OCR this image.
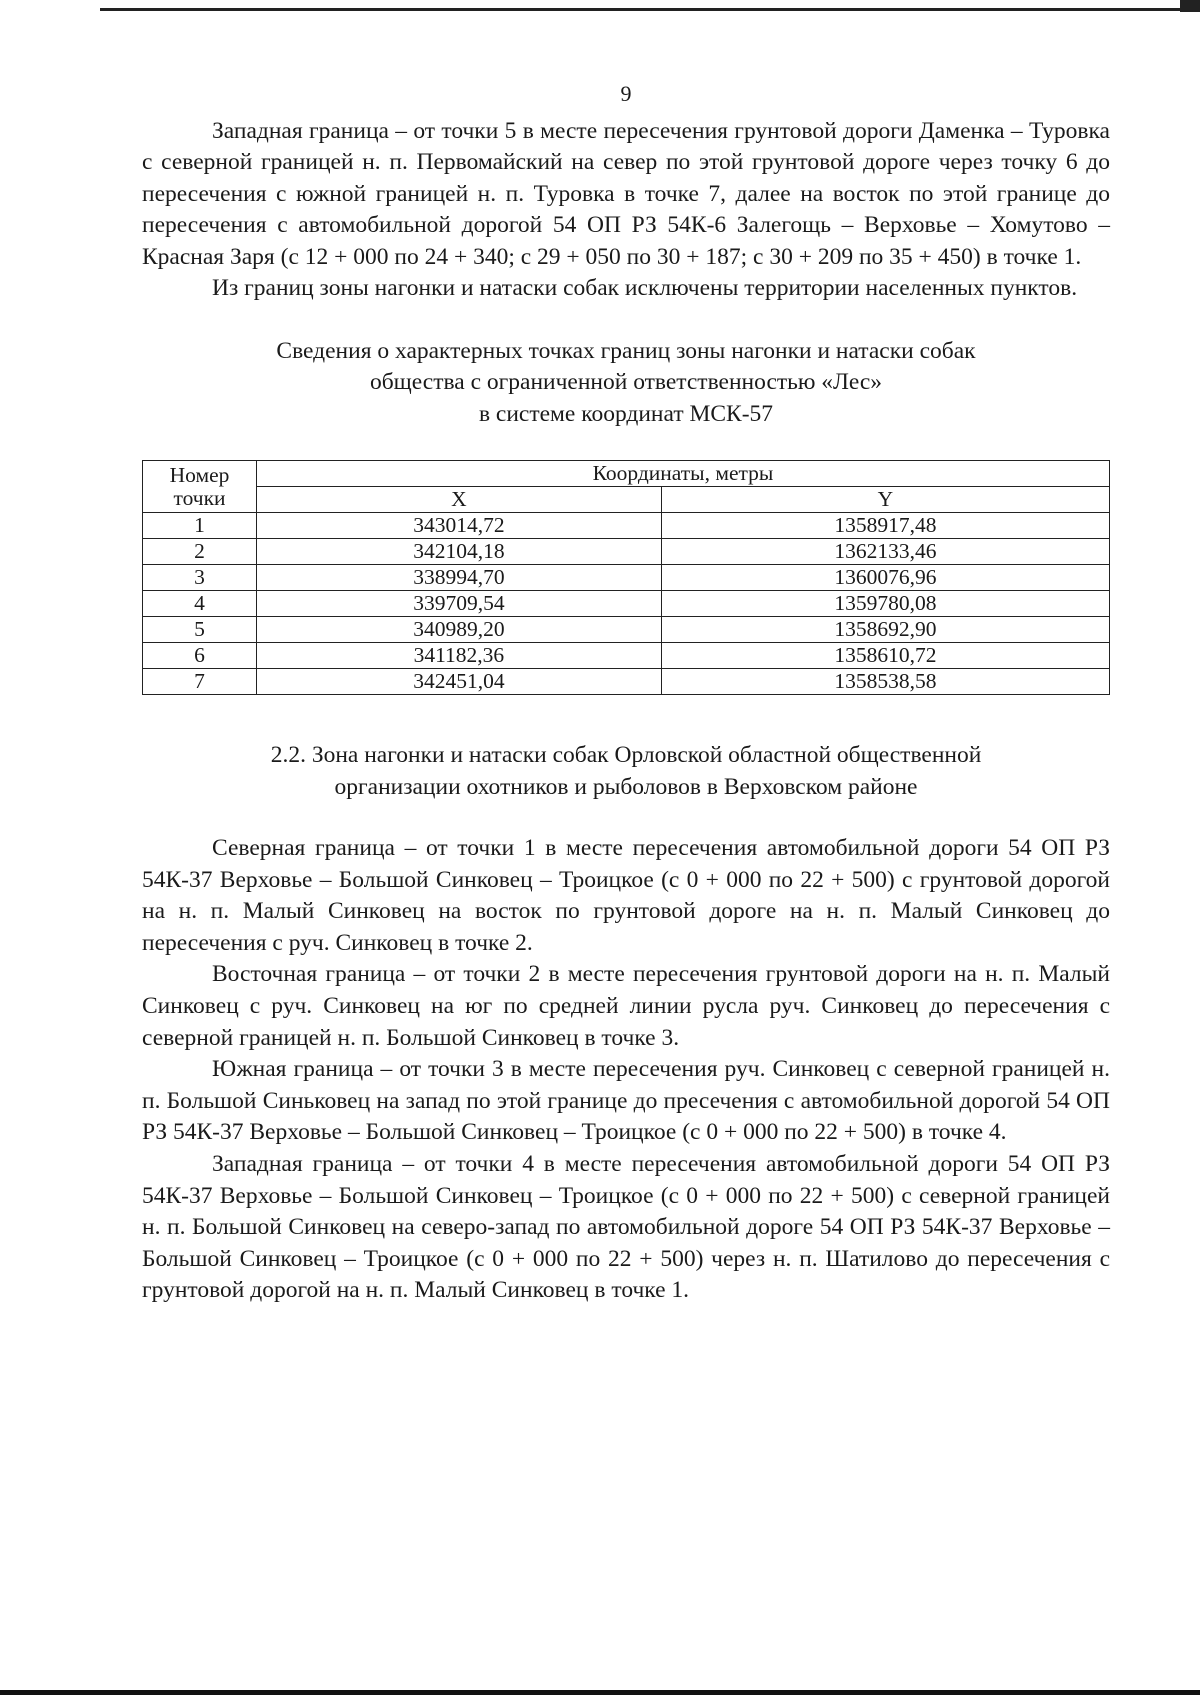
9

Западная граница – от точки 5 в месте пересечения грунтовой дороги Даменка – Туровка с северной границей н. п. Первомайский на север по этой грунтовой дороге через точку 6 до пересечения с южной границей н. п. Туровка в точке 7, далее на восток по этой границе до пересечения с автомобильной дорогой 54 ОП РЗ 54К-6 Залегощь – Верховье – Хомутово – Красная Заря (с 12 + 000 по 24 + 340; с 29 + 050 по 30 + 187; с 30 + 209 по 35 + 450) в точке 1.

Из границ зоны нагонки и натаски собак исключены территории населенных пунктов.

Сведения о характерных точках границ зоны нагонки и натаски собак
общества с ограниченной ответственностью «Лес»
в системе координат МСК-57
Номер
точки	Координаты, метры	
	X	Y
1	343014,72	1358917,48
2	342104,18	1362133,46
3	338994,70	1360076,96
4	339709,54	1359780,08
5	340989,20	1358692,90
6	341182,36	1358610,72
7	342451,04	1358538,58
2.2. Зона нагонки и натаски собак Орловской областной общественной
организации охотников и рыболовов в Верховском районе

Северная граница – от точки 1 в месте пересечения автомобильной дороги 54 ОП РЗ 54К-37 Верховье – Большой Синковец – Троицкое (с 0 + 000 по 22 + 500) с грунтовой дорогой на н. п. Малый Синковец на восток по грунтовой дороге на н. п. Малый Синковец до пересечения с руч. Синковец в точке 2.

Восточная граница – от точки 2 в месте пересечения грунтовой дороги на н. п. Малый Синковец с руч. Синковец на юг по средней линии русла руч. Синковец до пересечения с северной границей н. п. Большой Синковец в точке 3.

Южная граница – от точки 3 в месте пересечения руч. Синковец с северной границей н. п. Большой Синьковец на запад по этой границе до пресечения с автомобильной дорогой 54 ОП РЗ 54К-37 Верховье – Большой Синковец – Троицкое (с 0 + 000 по 22 + 500) в точке 4.

Западная граница – от точки 4 в месте пересечения автомобильной дороги 54 ОП РЗ 54К-37 Верховье – Большой Синковец – Троицкое (с 0 + 000 по 22 + 500) с северной границей н. п. Большой Синковец на северо-запад по автомобильной дороге 54 ОП РЗ 54К-37 Верховье – Большой Синковец – Троицкое (с 0 + 000 по 22 + 500) через н. п. Шатилово до пересечения с грунтовой дорогой на н. п. Малый Синковец в точке 1.
